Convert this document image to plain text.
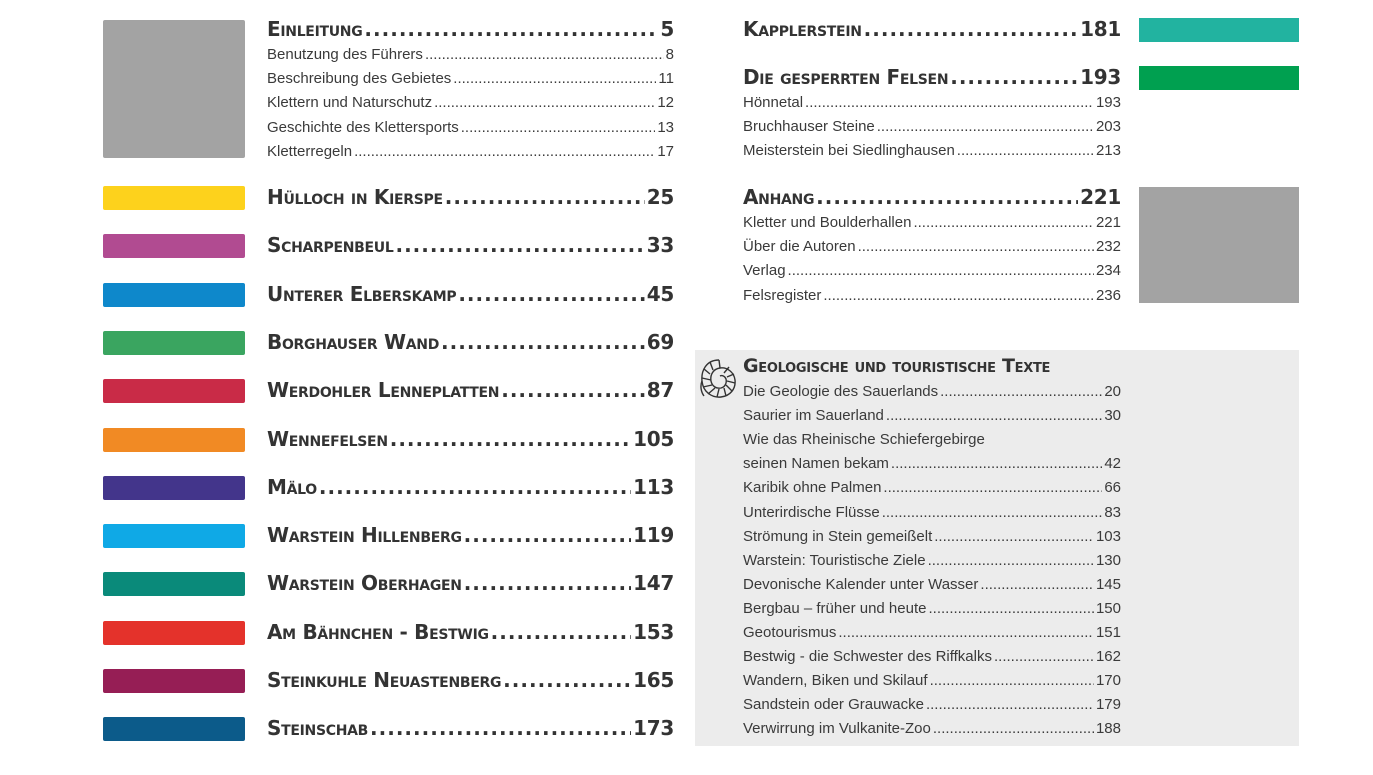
Einleitung .....	5
Benutzung des Führers .....	8
Beschreibung des Gebietes .....	11
Klettern und Naturschutz .....	12
Geschichte des Klettersports .....	13
Kletterregeln .....	17
Hülloch in Kierspe .....	25
Scharpenbeul .....	33
Unterer Elberskamp .....	45
Borghauser Wand .....	69
Werdohler Lenneplatten .....	87
Wennefelsen .....	105
Mälo .....	113
Warstein Hillenberg .....	119
Warstein Oberhagen .....	147
Am Bähnchen - Bestwig .....	153
Steinkuhle Neuastenberg .....	165
Steinschab .....	173
Kapplerstein .....	181
Die gesperrten Felsen .....	193
Hönnetal .....	193
Bruchhauser Steine .....	203
Meisterstein bei Siedlinghausen .....	213
Anhang .....	221
Kletter und Boulderhallen .....	221
Über die Autoren .....	232
Verlag .....	234
Felsregister .....	236
Geologische und touristische Texte
Die Geologie des Sauerlands .....	20
Saurier im Sauerland .....	30
Wie das Rheinische Schiefergebirge
seinen Namen bekam .....	42
Karibik ohne Palmen .....	66
Unterirdische Flüsse .....	83
Strömung in Stein gemeißelt .....	103
Warstein: Touristische Ziele .....	130
Devonische Kalender unter Wasser .....	145
Bergbau – früher und heute .....	150
Geotourismus .....	151
Bestwig - die Schwester des Riffkalks .....	162
Wandern, Biken und Skilauf .....	170
Sandstein oder Grauwacke .....	179
Verwirrung im Vulkanite-Zoo .....	188
